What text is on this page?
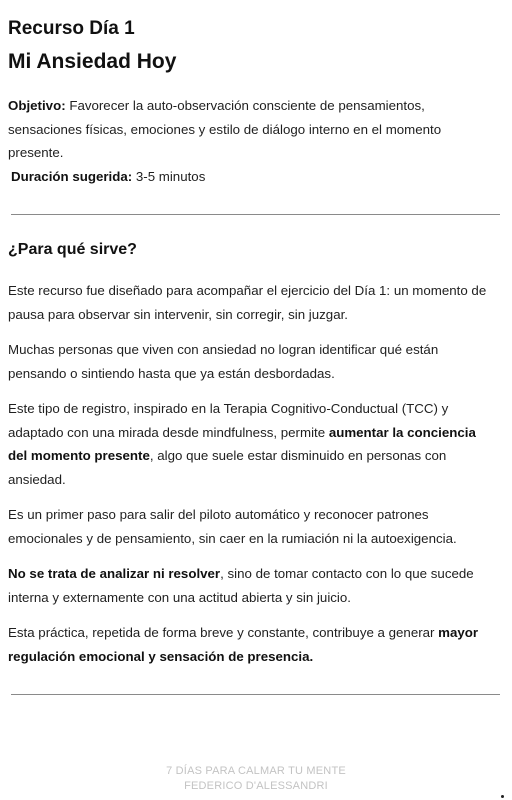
Recurso Día 1
Mi Ansiedad Hoy
Objetivo: Favorecer la auto-observación consciente de pensamientos, sensaciones físicas, emociones y estilo de diálogo interno en el momento presente.
Duración sugerida: 3-5 minutos
¿Para qué sirve?

Este recurso fue diseñado para acompañar el ejercicio del Día 1: un momento de pausa para observar sin intervenir, sin corregir, sin juzgar.

Muchas personas que viven con ansiedad no logran identificar qué están pensando o sintiendo hasta que ya están desbordadas.

Este tipo de registro, inspirado en la Terapia Cognitivo-Conductual (TCC) y adaptado con una mirada desde mindfulness, permite aumentar la conciencia del momento presente, algo que suele estar disminuido en personas con ansiedad.

Es un primer paso para salir del piloto automático y reconocer patrones emocionales y de pensamiento, sin caer en la rumiación ni la autoexigencia.

No se trata de analizar ni resolver, sino de tomar contacto con lo que sucede interna y externamente con una actitud abierta y sin juicio.

Esta práctica, repetida de forma breve y constante, contribuye a generar mayor regulación emocional y sensación de presencia.

7 DÍAS PARA CALMAR TU MENTE
FEDERICO D'ALESSANDRI
